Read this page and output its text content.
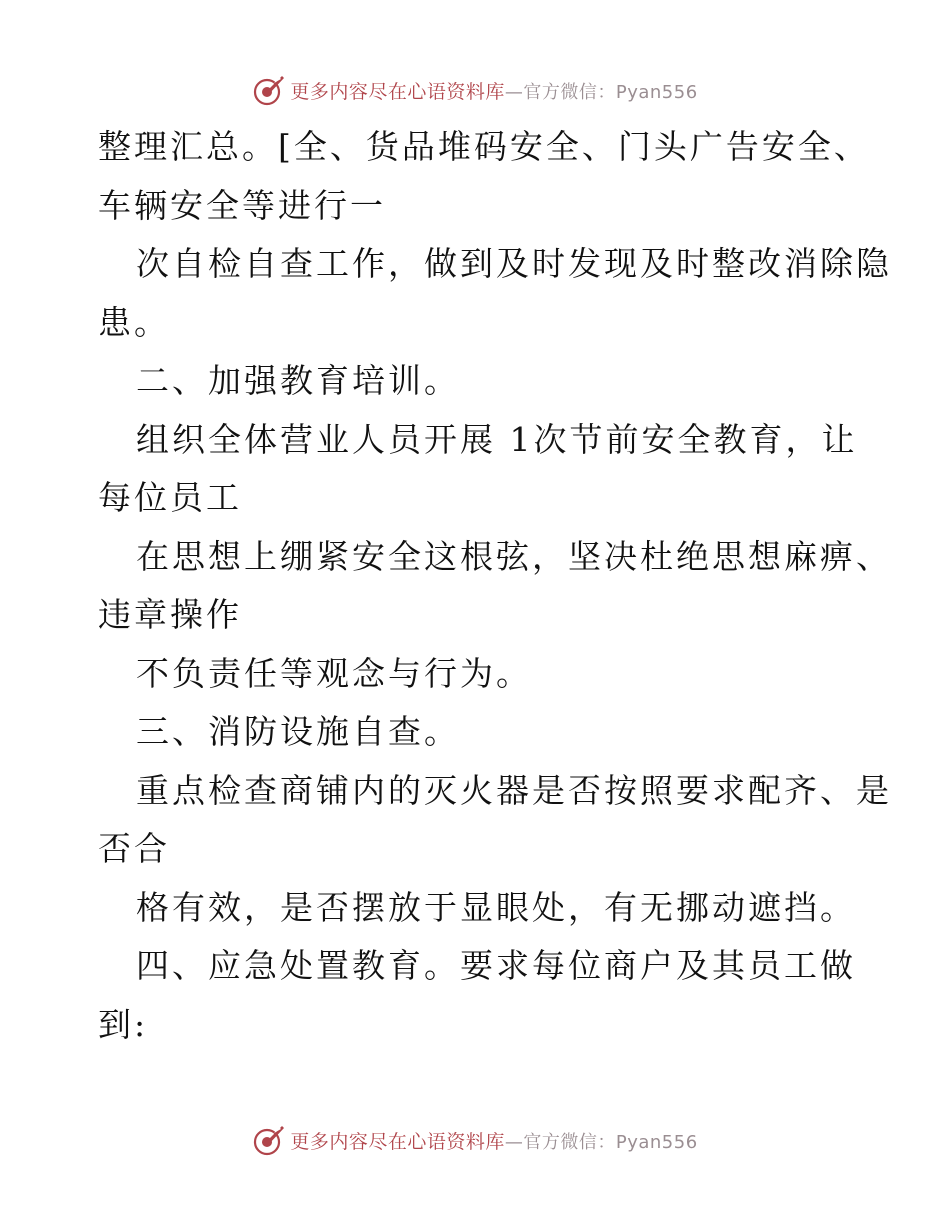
更多内容尽在心语资料库—官方微信：Pyan556
整理汇总。[全、货品堆码安全、门头广告安全、
车辆安全等进行一
次自检自查工作，做到及时发现及时整改消除隐
患。
二、加强教育培训。
组织全体营业人员开展 1次节前安全教育，让
每位员工
在思想上绷紧安全这根弦，坚决杜绝思想麻痹、
违章操作
不负责任等观念与行为。
三、消防设施自查。
重点检查商铺内的灭火器是否按照要求配齐、是
否合
格有效，是否摆放于显眼处，有无挪动遮挡。
四、应急处置教育。要求每位商户及其员工做
到:
更多内容尽在心语资料库—官方微信：Pyan556
